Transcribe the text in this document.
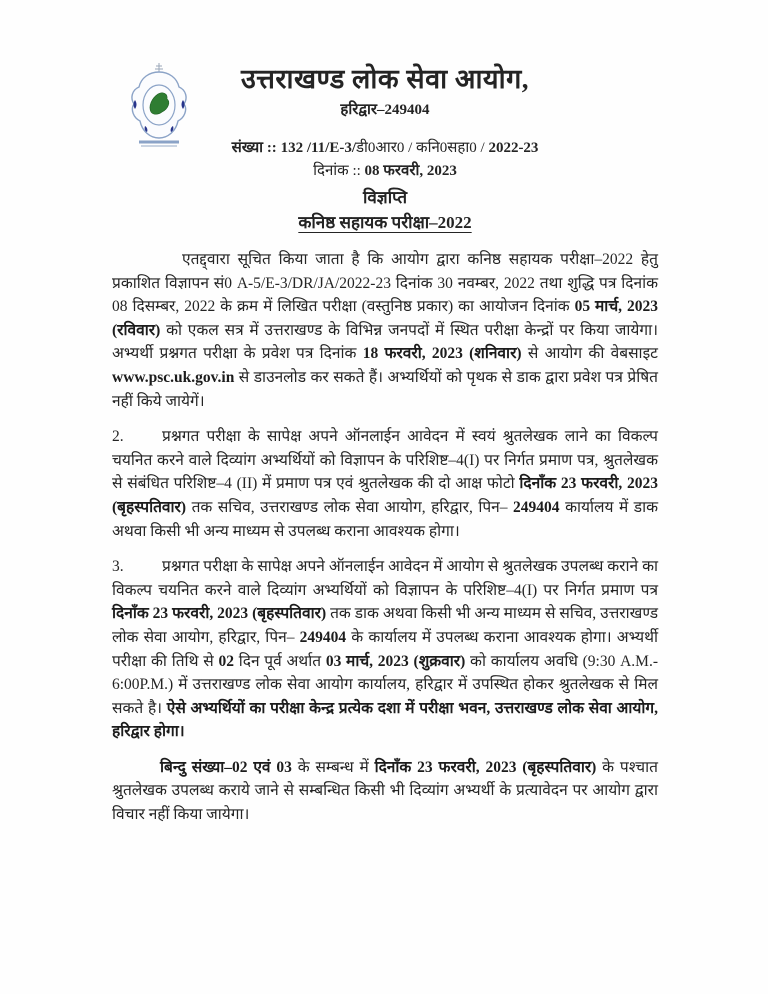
उत्तराखण्ड लोक सेवा आयोग,
हरिद्वार–249404
संख्या :: 132 /11/E-3/डी0आर0 / कनि0सहा0 / 2022-23
दिनांक :: 08 फरवरी, 2023
विज्ञप्ति
कनिष्ठ सहायक परीक्षा–2022

एतद्द्वारा सूचित किया जाता है कि आयोग द्वारा कनिष्ठ सहायक परीक्षा–2022 हेतु प्रकाशित विज्ञापन सं0 A-5/E-3/DR/JA/2022-23 दिनांक 30 नवम्बर, 2022 तथा शुद्धि पत्र दिनांक 08 दिसम्बर, 2022 के क्रम में लिखित परीक्षा (वस्तुनिष्ठ प्रकार) का आयोजन दिनांक 05 मार्च, 2023 (रविवार) को एकल सत्र में उत्तराखण्ड के विभिन्न जनपदों में स्थित परीक्षा केन्द्रों पर किया जायेगा। अभ्यर्थी प्रश्नगत परीक्षा के प्रवेश पत्र दिनांक 18 फरवरी, 2023 (शनिवार) से आयोग की वेबसाइट www.psc.uk.gov.in से डाउनलोड कर सकते हैं। अभ्यर्थियों को पृथक से डाक द्वारा प्रवेश पत्र प्रेषित नहीं किये जायेगें।

2. प्रश्नगत परीक्षा के सापेक्ष अपने ऑनलाईन आवेदन में स्वयं श्रुतलेखक लाने का विकल्प चयनित करने वाले दिव्यांग अभ्यर्थियों को विज्ञापन के परिशिष्ट–4(I) पर निर्गत प्रमाण पत्र, श्रुतलेखक से संबंधित परिशिष्ट–4 (II) में प्रमाण पत्र एवं श्रुतलेखक की दो आक्ष फोटो दिनाँक 23 फरवरी, 2023 (बृहस्पतिवार) तक सचिव, उत्तराखण्ड लोक सेवा आयोग, हरिद्वार, पिन– 249404 कार्यालय में डाक अथवा किसी भी अन्य माध्यम से उपलब्ध कराना आवश्यक होगा।

3. प्रश्नगत परीक्षा के सापेक्ष अपने ऑनलाईन आवेदन में आयोग से श्रुतलेखक उपलब्ध कराने का विकल्प चयनित करने वाले दिव्यांग अभ्यर्थियों को विज्ञापन के परिशिष्ट–4(I) पर निर्गत प्रमाण पत्र दिनाँक 23 फरवरी, 2023 (बृहस्पतिवार) तक डाक अथवा किसी भी अन्य माध्यम से सचिव, उत्तराखण्ड लोक सेवा आयोग, हरिद्वार, पिन– 249404 के कार्यालय में उपलब्ध कराना आवश्यक होगा। अभ्यर्थी परीक्षा की तिथि से 02 दिन पूर्व अर्थात 03 मार्च, 2023 (शुक्रवार) को कार्यालय अवधि (9:30 A.M.- 6:00P.M.) में उत्तराखण्ड लोक सेवा आयोग कार्यालय, हरिद्वार में उपस्थित होकर श्रुतलेखक से मिल सकते है। ऐसे अभ्यर्थियों का परीक्षा केन्द्र प्रत्येक दशा में परीक्षा भवन, उत्तराखण्ड लोक सेवा आयोग, हरिद्वार होगा।

बिन्दु संख्या–02 एवं 03 के सम्बन्ध में दिनाँक 23 फरवरी, 2023 (बृहस्पतिवार) के पश्चात श्रुतलेखक उपलब्ध कराये जाने से सम्बन्धित किसी भी दिव्यांग अभ्यर्थी के प्रत्यावेदन पर आयोग द्वारा विचार नहीं किया जायेगा।
